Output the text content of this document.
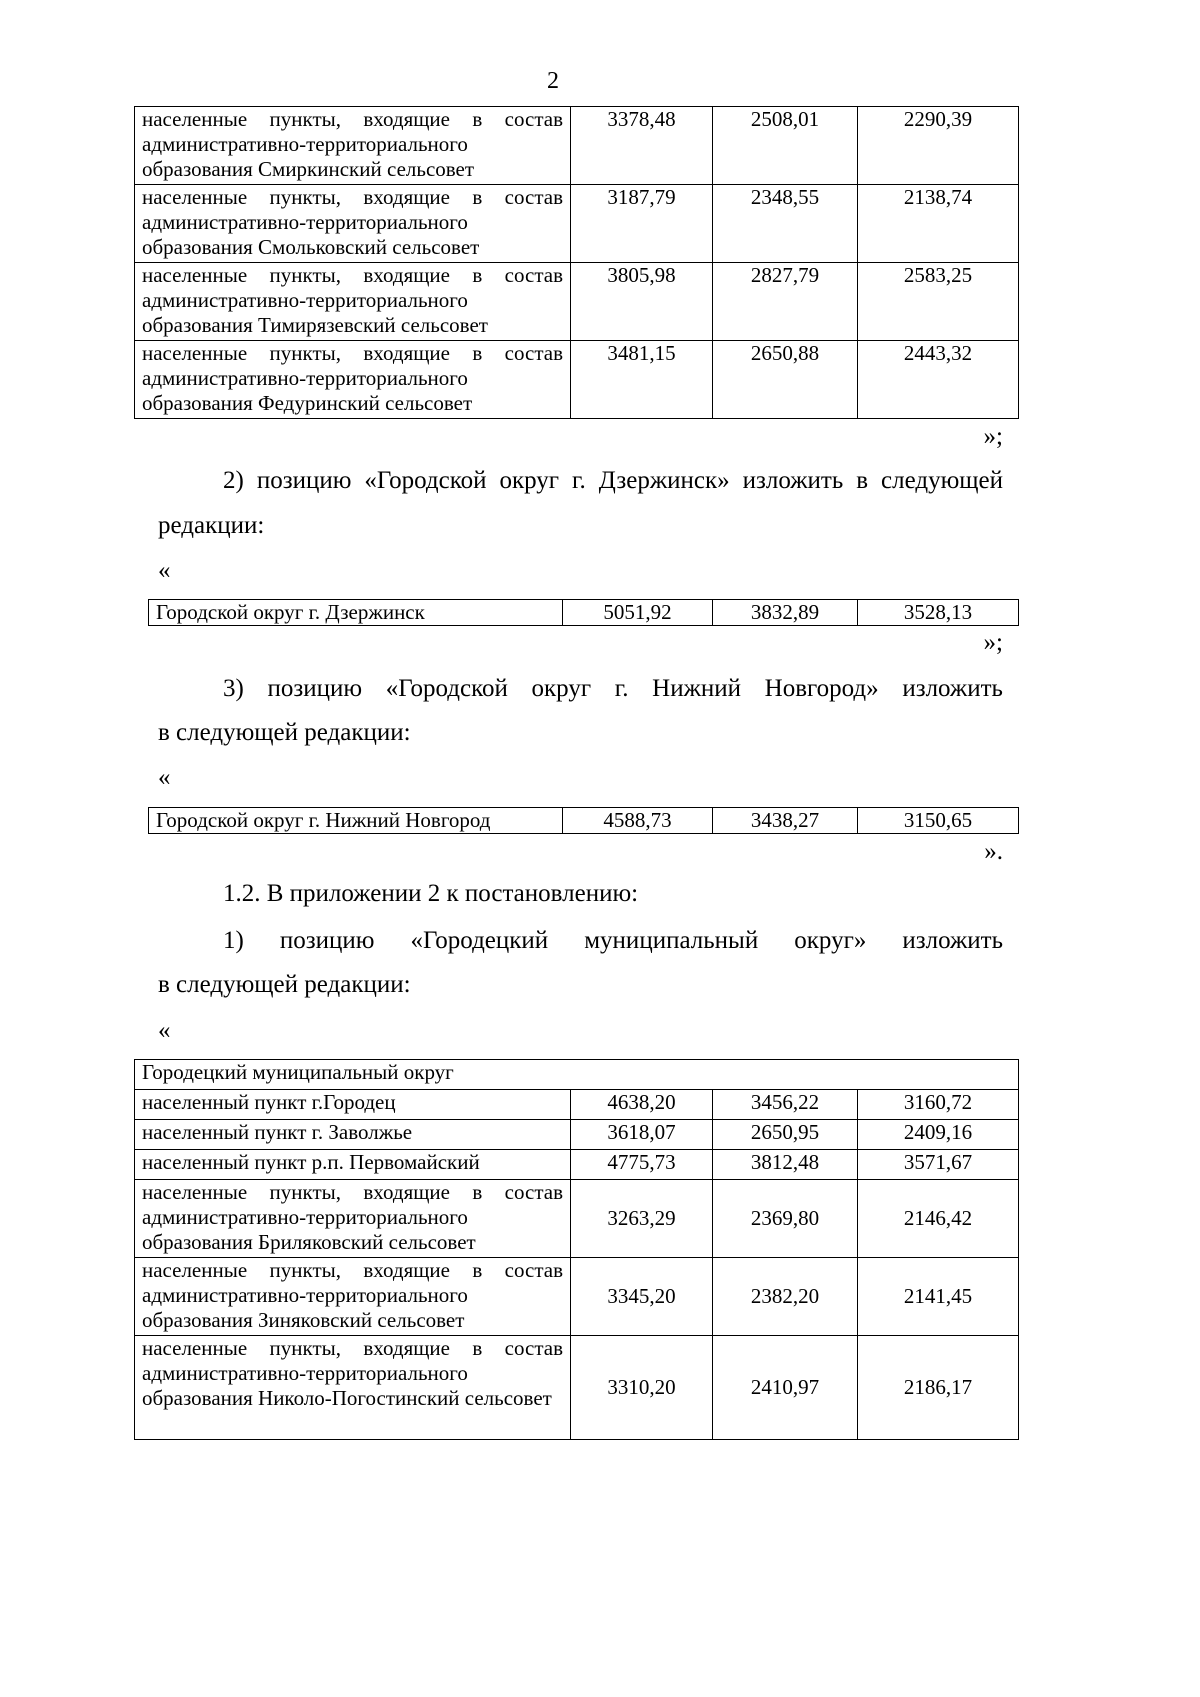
2
населенные пункты, входящие в состав административно-территориального образования Смиркинский сельсовет	3378,48	2508,01	2290,39
населенные пункты, входящие в состав административно-территориального образования Смольковский сельсовет	3187,79	2348,55	2138,74
населенные пункты, входящие в состав административно-территориального образования Тимирязевский сельсовет	3805,98	2827,79	2583,25
населенные пункты, входящие в состав административно-территориального образования Федуринский сельсовет	3481,15	2650,88	2443,32
»;
2) позицию «Городской округ г. Дзержинск» изложить в следующей
редакции:
«
Городской округ г. Дзержинск	5051,92	3832,89	3528,13
»;
3) позицию «Городской округ г. Нижний Новгород» изложить
в следующей редакции:
«
Городской округ г. Нижний Новгород	4588,73	3438,27	3150,65
».
1.2. В приложении 2 к постановлению:
1) позицию «Городецкий муниципальный округ» изложить
в следующей редакции:
«
Городецкий муниципальный округ			
населенный пункт г.Городец	4638,20	3456,22	3160,72
населенный пункт г. Заволжье	3618,07	2650,95	2409,16
населенный пункт р.п. Первомайский	4775,73	3812,48	3571,67
населенные пункты, входящие в состав административно-территориального образования Бриляковский сельсовет	3263,29	2369,80	2146,42
населенные пункты, входящие в состав административно-территориального образования Зиняковский сельсовет	3345,20	2382,20	2141,45
населенные пункты, входящие в состав административно-территориального образования Николо-Погостинский сельсовет	3310,20	2410,97	2186,17
